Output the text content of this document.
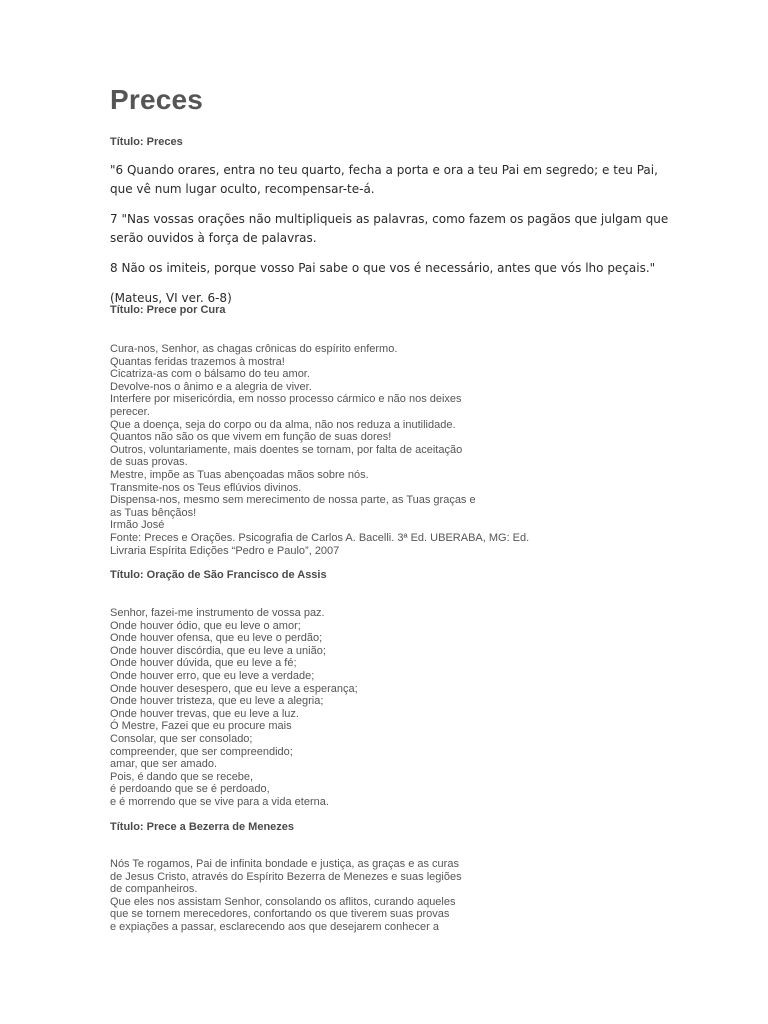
Preces
Título: Preces

"6 Quando orares, entra no teu quarto, fecha a porta e ora a teu Pai em segredo; e teu Pai, que vê num lugar oculto, recompensar-te-á.

7 "Nas vossas orações não multipliqueis as palavras, como fazem os pagãos que julgam que serão ouvidos à força de palavras.

8 Não os imiteis, porque vosso Pai sabe o que vos é necessário, antes que vós lho peçais."

(Mateus, VI ver. 6-8)

Título: Prece por Cura
Cura-nos, Senhor, as chagas crônicas do espírito enfermo.
Quantas feridas trazemos à mostra!
Cicatriza-as com o bálsamo do teu amor.
Devolve-nos o ânimo e a alegria de viver.
Interfere por misericórdia, em nosso processo cármico e não nos deixes
perecer.
Que a doença, seja do corpo ou da alma, não nos reduza a inutilidade.
Quantos não são os que vivem em função de suas dores!
Outros, voluntariamente, mais doentes se tornam, por falta de aceitação
de suas provas.
Mestre, impõe as Tuas abençoadas mãos sobre nós.
Transmite-nos os Teus eflúvios divinos.
Dispensa-nos, mesmo sem merecimento de nossa parte, as Tuas graças e
as Tuas bênçãos!
Irmão José
Fonte: Preces e Orações. Psicografia de Carlos A. Bacelli. 3ª Ed. UBERABA, MG: Ed.
Livraria Espírita Edições “Pedro e Paulo”, 2007
Título: Oração de São Francisco de Assis
Senhor, fazei-me instrumento de vossa paz.
Onde houver ódio, que eu leve o amor;
Onde houver ofensa, que eu leve o perdão;
Onde houver discórdia, que eu leve a união;
Onde houver dúvida, que eu leve a fé;
Onde houver erro, que eu leve a verdade;
Onde houver desespero, que eu leve a esperança;
Onde houver tristeza, que eu leve a alegria;
Onde houver trevas, que eu leve a luz.
Ó Mestre, Fazei que eu procure mais
Consolar, que ser consolado;
compreender, que ser compreendido;
amar, que ser amado.
Pois, é dando que se recebe,
é perdoando que se é perdoado,
e é morrendo que se vive para a vida eterna.
Título: Prece a Bezerra de Menezes
Nós Te rogamos, Pai de infinita bondade e justiça, as graças e as curas
de Jesus Cristo, através do Espírito Bezerra de Menezes e suas legiões
de companheiros.
Que eles nos assistam Senhor, consolando os aflitos, curando aqueles
que se tornem merecedores, confortando os que tiverem suas provas
e expiações a passar, esclarecendo aos que desejarem conhecer a
